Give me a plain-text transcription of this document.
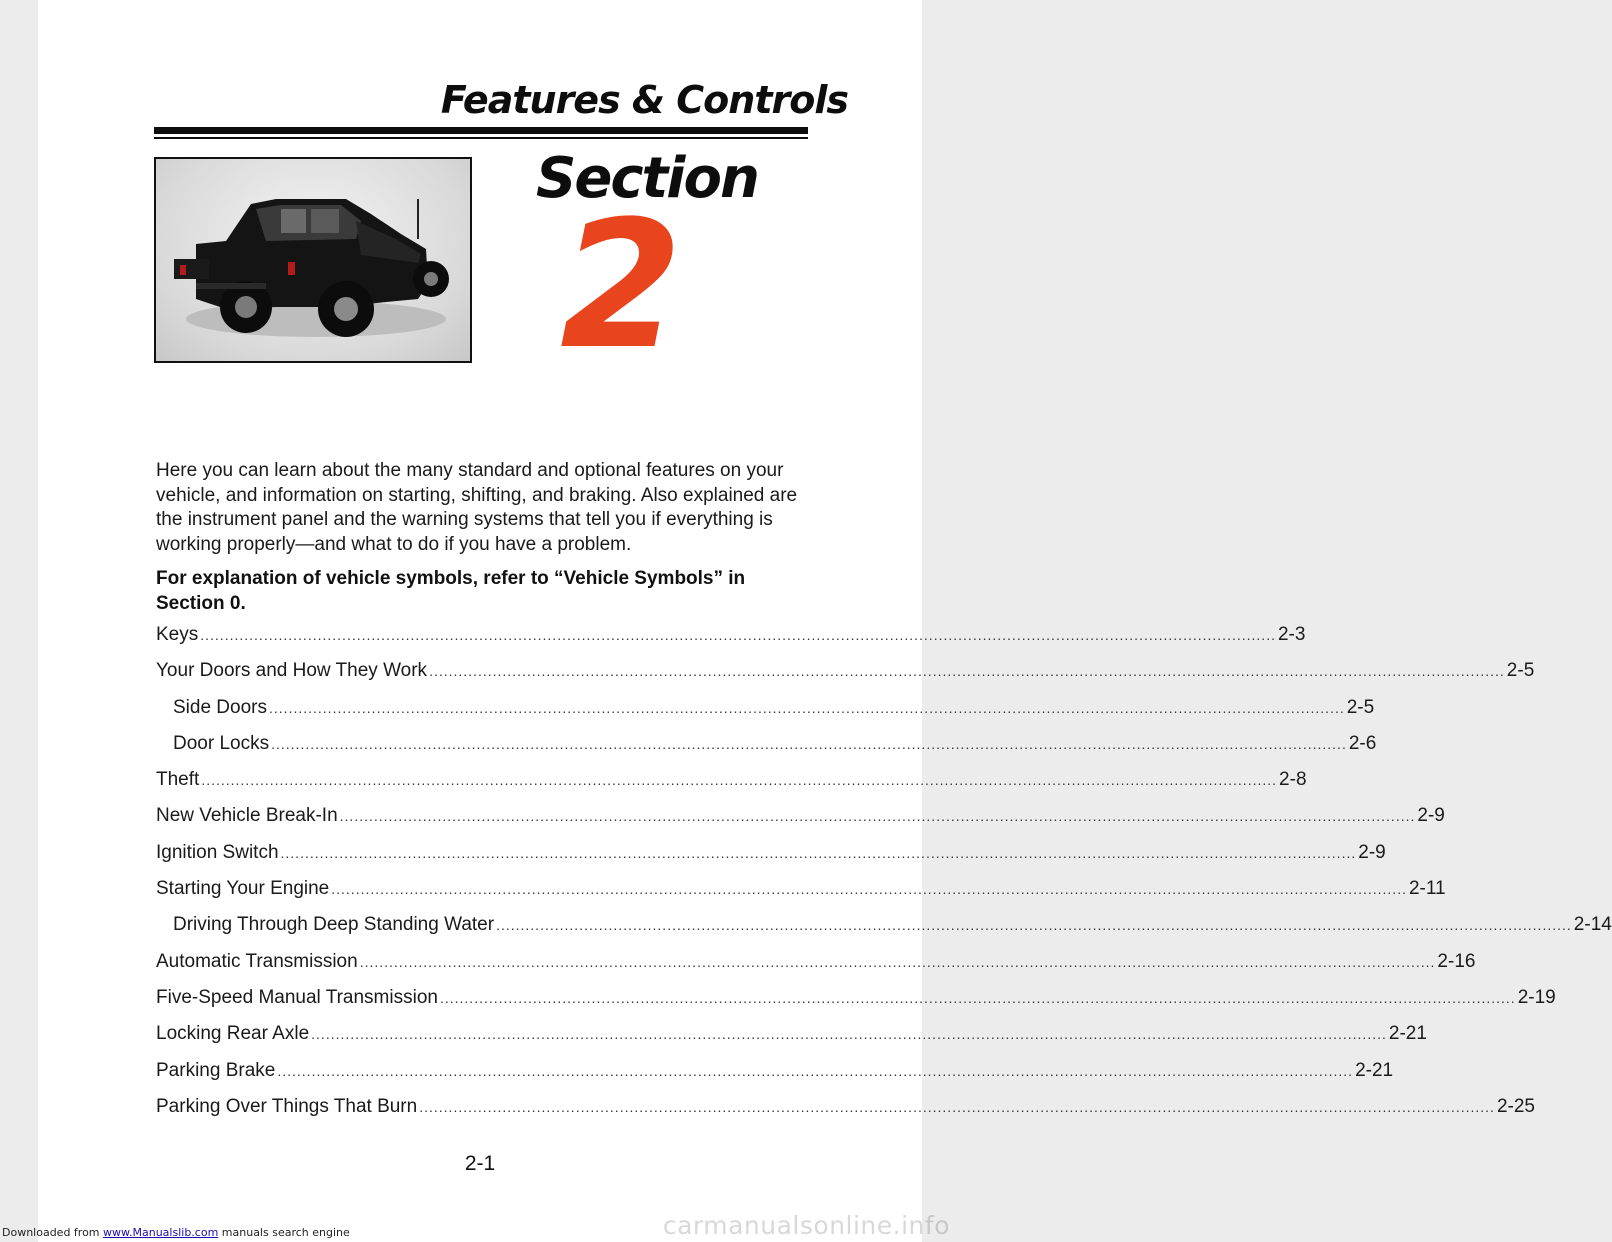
Features & Controls
Section
2
Here you can learn about the many standard and optional features on your vehicle, and information on starting, shifting, and braking. Also explained are the instrument panel and the warning systems that tell you if everything is working properly—and what to do if you have a problem.
For explanation of vehicle symbols, refer to “Vehicle Symbols” in Section 0.
Keys ............................................................................................................................................................................................................................ 2-3
Your Doors and How They Work ............................................................................................................................................................................................................................ 2-5
Side Doors ............................................................................................................................................................................................................................ 2-5
Door Locks ............................................................................................................................................................................................................................ 2-6
Theft ............................................................................................................................................................................................................................ 2-8
New Vehicle Break-In ............................................................................................................................................................................................................................ 2-9
Ignition Switch ............................................................................................................................................................................................................................ 2-9
Starting Your Engine ............................................................................................................................................................................................................................ 2-11
Driving Through Deep Standing Water ............................................................................................................................................................................................................................ 2-14
Automatic Transmission ............................................................................................................................................................................................................................ 2-16
Five-Speed Manual Transmission ............................................................................................................................................................................................................................ 2-19
Locking Rear Axle ............................................................................................................................................................................................................................ 2-21
Parking Brake ............................................................................................................................................................................................................................ 2-21
Parking Over Things That Burn ............................................................................................................................................................................................................................ 2-25
2-1
Downloaded from www.Manualslib.com manuals search engine	carmanualsonline.info
